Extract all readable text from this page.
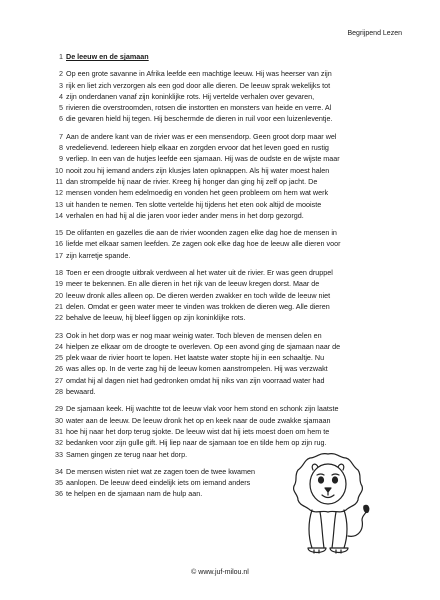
Begrijpend Lezen
1 De leeuw en de sjamaan
2 Op een grote savanne in Afrika leefde een machtige leeuw. Hij was heerser van zijn
3 rijk en liet zich verzorgen als een god door alle dieren. De leeuw sprak wekelijks tot
4 zijn onderdanen vanaf zijn koninklijke rots. Hij vertelde verhalen over gevaren,
5 rivieren die overstroomden, rotsen die instortten en monsters van heide en verre. Al
6 die gevaren hield hij tegen. Hij beschermde de dieren in ruil voor een luizenleventje.
7 Aan de andere kant van de rivier was er een mensendorp. Geen groot dorp maar wel
8 vredelievend. Iedereen hielp elkaar en zorgden ervoor dat het leven goed en rustig
9 verliep. In een van de hutjes leefde een sjamaan. Hij was de oudste en de wijste maar
10 nooit zou hij iemand anders zijn klusjes laten opknappen. Als hij water moest halen
11 dan strompelde hij naar de rivier. Kreeg hij honger dan ging hij zelf op jacht. De
12 mensen vonden hem edelmoedig en vonden het geen probleem om hem wat werk
13 uit handen te nemen. Ten slotte vertelde hij tijdens het eten ook altijd de mooiste
14 verhalen en had hij al die jaren voor ieder ander mens in het dorp gezorgd.
15 De olifanten en gazelles die aan de rivier woonden zagen elke dag hoe de mensen in
16 liefde met elkaar samen leefden. Ze zagen ook elke dag hoe de leeuw alle dieren voor
17 zijn karretje spande.
18 Toen er een droogte uitbrak verdween al het water uit de rivier. Er was geen druppel
19 meer te bekennen. En alle dieren in het rijk van de leeuw kregen dorst. Maar de
20 leeuw dronk alles alleen op. De dieren werden zwakker en toch wilde de leeuw niet
21 delen. Omdat er geen water meer te vinden was trokken de dieren weg. Alle dieren
22 behalve de leeuw, hij bleef liggen op zijn koninklijke rots.
23 Ook in het dorp was er nog maar weinig water. Toch bleven de mensen delen en
24 hielpen ze elkaar om de droogte te overleven. Op een avond ging de sjamaan naar de
25 plek waar de rivier hoort te lopen. Het laatste water stopte hij in een schaaltje. Nu
26 was alles op. In de verte zag hij de leeuw komen aanstrompelen. Hij was verzwakt
27 omdat hij al dagen niet had gedronken omdat hij niks van zijn voorraad water had
28 bewaard.
29 De sjamaan keek. Hij wachtte tot de leeuw vlak voor hem stond en schonk zijn laatste
30 water aan de leeuw. De leeuw dronk het op en keek naar de oude zwakke sjamaan
31 hoe hij naar het dorp terug sjokte. De leeuw wist dat hij iets moest doen om hem te
32 bedanken voor zijn gulle gift. Hij liep naar de sjamaan toe en tilde hem op zijn rug.
33 Samen gingen ze terug naar het dorp.
34 De mensen wisten niet wat ze zagen toen de twee kwamen
35 aanlopen. De leeuw deed eindelijk iets om iemand anders
36 te helpen en de sjamaan nam de hulp aan.
© www.juf-milou.nl
